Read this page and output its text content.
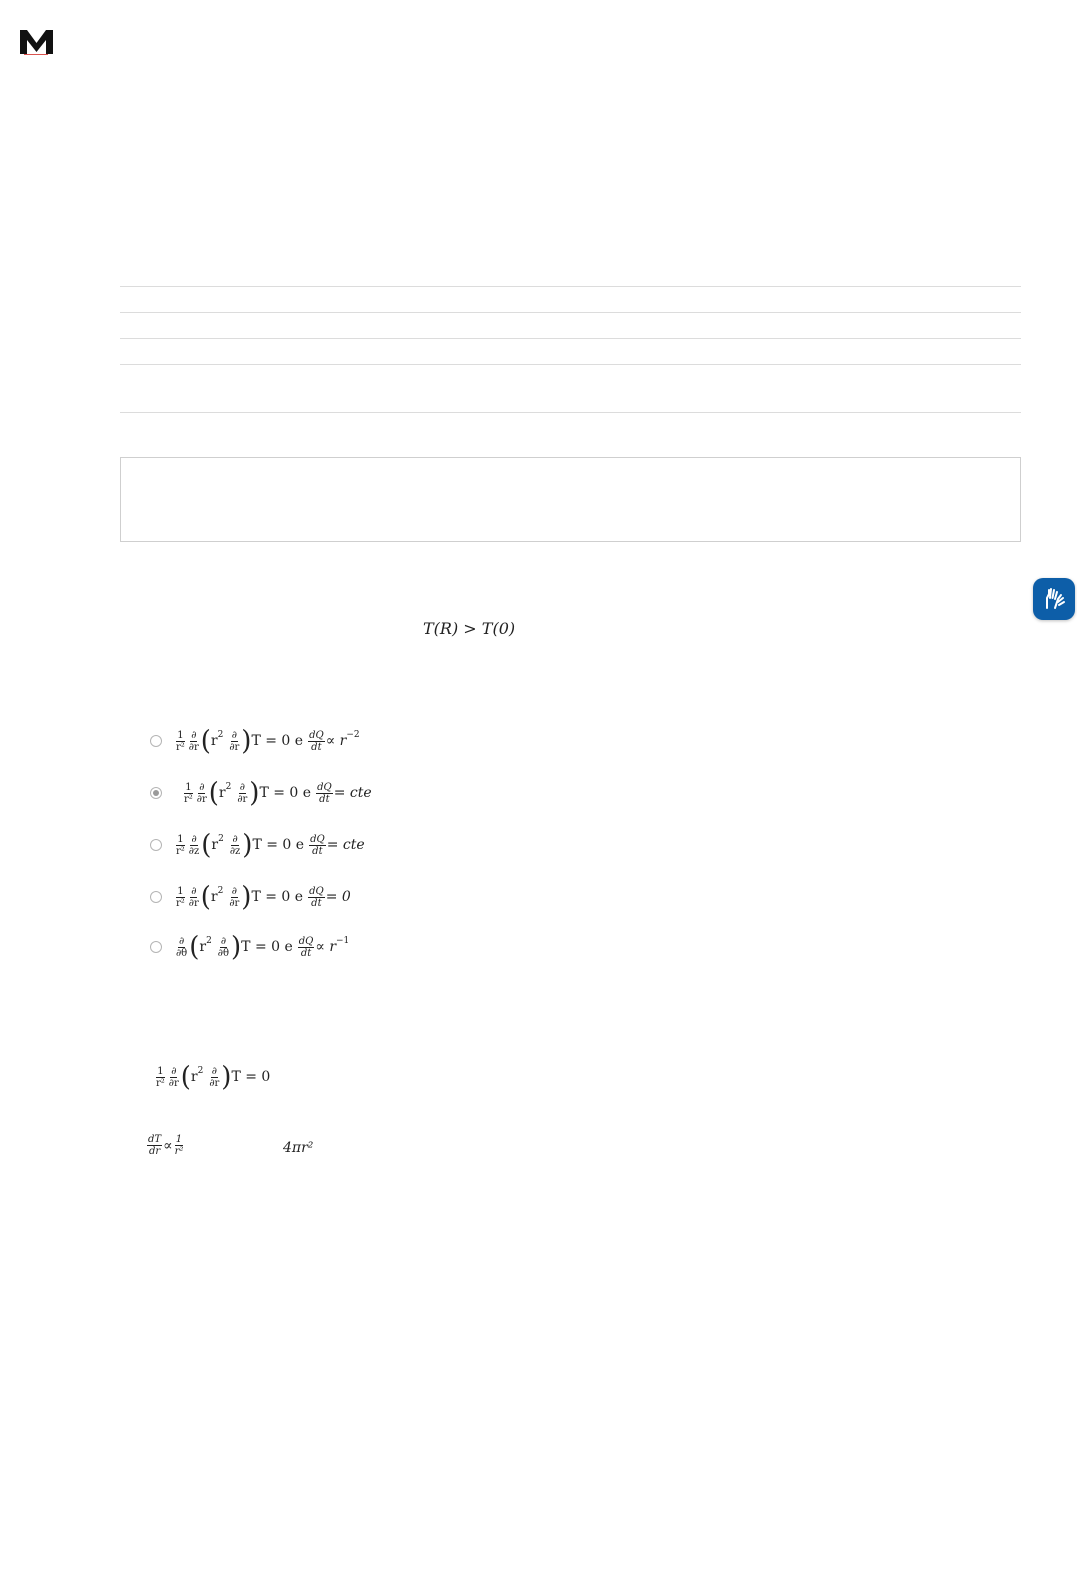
T(R) > T(0)
$\frac{1}{\text{r²}} \frac{\partial}{\partial r}$ ( r $2 \frac{\partial}{\partial r}$ ) T = 0 e $\frac{dQ}{dt} \propto r -2$
$\frac{1}{\text{r²}} \frac{\partial}{\partial r}$ ( r $2 \frac{\partial}{\partial r}$ ) T = 0 e $\frac{dQ}{dt}$ = cte
$\frac{1}{\text{r²}} \frac{\partial}{\partial z}$ ( r $2 \frac{\partial}{\partial z}$ ) T = 0 e $\frac{dQ}{dt}$ = cte
$\frac{1}{\text{r²}} \frac{\partial}{\partial r}$ ( r $2 \frac{\partial}{\partial r}$ ) T = 0 e $\frac{dQ}{dt} = 0$
$\frac{\partial}{\partial\theta}$ ( r $2 \frac{\partial}{\partial\theta}$ ) T = 0 e $\frac{dQ}{dt} \propto r -1$
$\frac{1}{\text{r²}} \frac{\partial}{\partial r}$ ( r $2 \frac{\partial}{\partial r}$ ) T = 0
$\frac{dT}{dr} \propto \frac{1}{\text{r²}}$	4πr²
